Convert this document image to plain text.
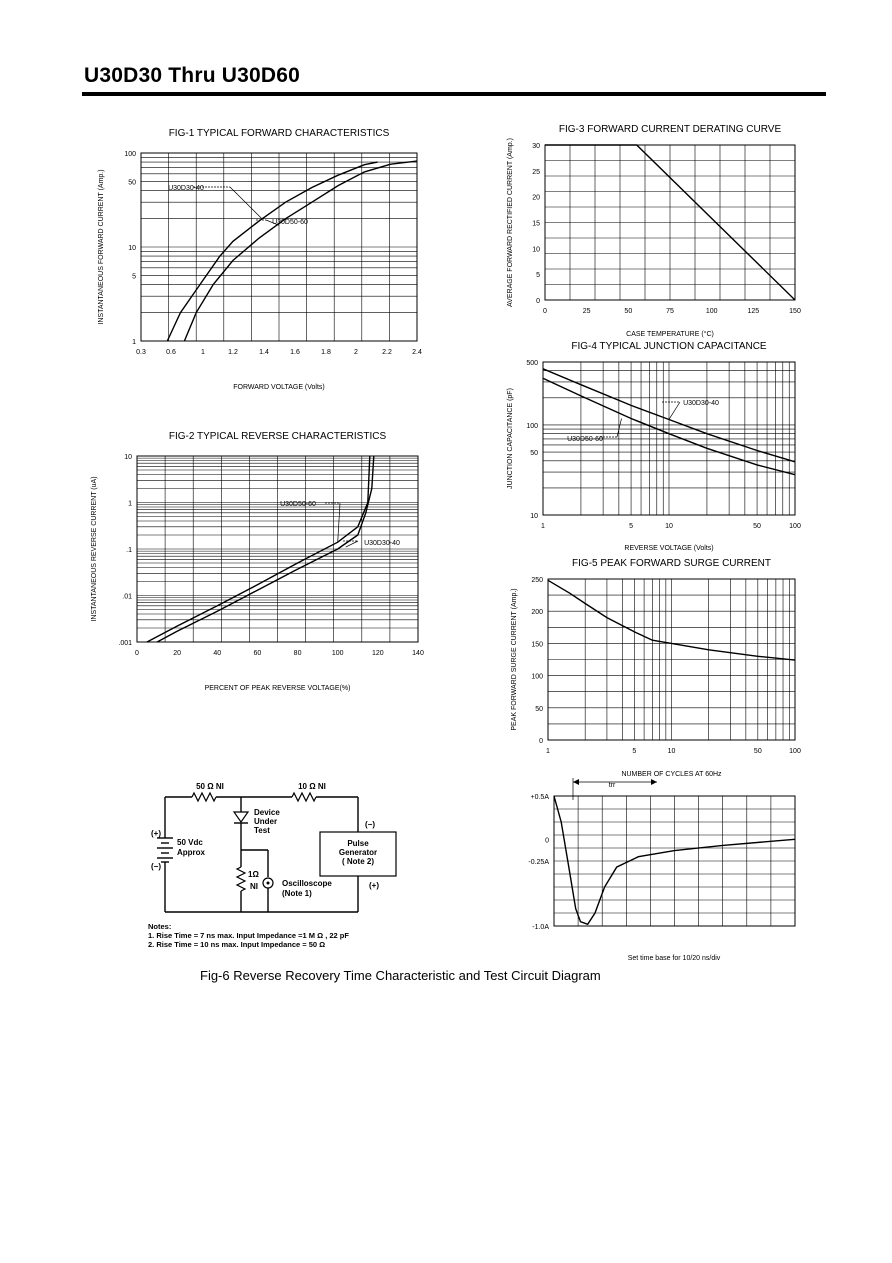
U30D30 Thru U30D60
FIG-1 TYPICAL FORWARD CHARACTERISTICS
FORWARD VOLTAGE (Volts)
INSTANTANEOUS FORWARD CURRENT (Amp.)
0.3	0.6	1	1.2	1.4	1.6	1.8	2	2.2	2.4
1
5
10
50
100
U30D30-40
U30D50-60
FIG-2 TYPICAL REVERSE CHARACTERISTICS
PERCENT OF PEAK REVERSE VOLTAGE(%)
INSTANTANEOUS REVERSE CURRENT (uA)
0	20	40	60	80	100	120	140
.001
.01
.1
1
10
U30D50-60
U30D30-40
FIG-3 FORWARD CURRENT DERATING CURVE
CASE TEMPERATURE (°C)
AVERAGE FORWARD RECTIFIED CURRENT (Amp.)
0	25	50	75	100	125	150
0
5
10
15
20
25
30
FIG-4 TYPICAL JUNCTION CAPACITANCE
REVERSE VOLTAGE (Volts)
JUNCTION CAPACITANCE (pF)
1	5	10	50	100
10
50
100
500
U30D30-40
U30D50-60
FIG-5 PEAK FORWARD SURGE CURRENT
NUMBER OF CYCLES AT 60Hz
PEAK FORWARD SURGE CURRENT (Amp.)
1	5	10	50	100
0
50
100
150
200
250
Set time base for 10/20 ns/div
+0.5A
0
-0.25A
-1.0A
trr
50 Ω NI	10 Ω NI
Pulse
Generator
( Note 2)
(−)
(+)
(+)
(−)
50 Vdc
Approx
Device
Under
Test
1Ω
NI	Oscilloscope
(Note 1)
Notes:
1. Rise Time = 7 ns max. Input Impedance =1 M Ω , 22 pF
2. Rise Time = 10 ns max. Input Impedance = 50 Ω
Fig-6 Reverse Recovery Time Characteristic and Test Circuit Diagram
